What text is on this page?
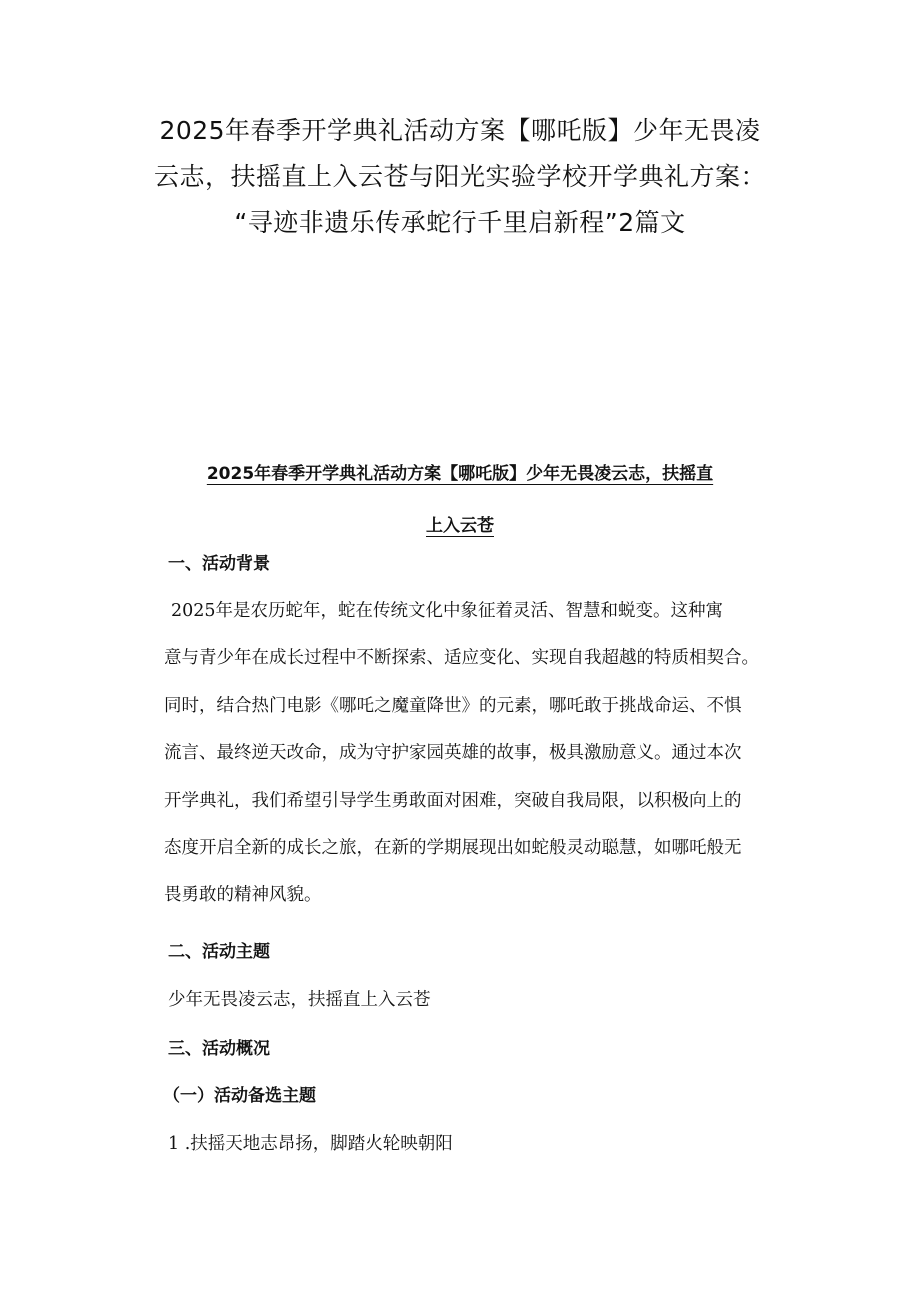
2025年春季开学典礼活动方案【哪吒版】少年无畏凌
云志，扶摇直上入云苍与阳光实验学校开学典礼方案：
“寻迹非遗乐传承蛇行千里启新程”2篇文
2025年春季开学典礼活动方案【哪吒版】少年无畏凌云志，扶摇直
上入云苍
一、活动背景
2025年是农历蛇年，蛇在传统文化中象征着灵活、智慧和蜕变。这种寓
意与青少年在成长过程中不断探索、适应变化、实现自我超越的特质相契合。
同时，结合热门电影《哪吒之魔童降世》的元素，哪吒敢于挑战命运、不惧
流言、最终逆天改命，成为守护家园英雄的故事，极具激励意义。通过本次
开学典礼，我们希望引导学生勇敢面对困难，突破自我局限，以积极向上的
态度开启全新的成长之旅，在新的学期展现出如蛇般灵动聪慧，如哪吒般无
畏勇敢的精神风貌。
二、活动主题

少年无畏凌云志，扶摇直上入云苍

三、活动概况
（一）活动备选主题

1 .扶摇天地志昂扬，脚踏火轮映朝阳
